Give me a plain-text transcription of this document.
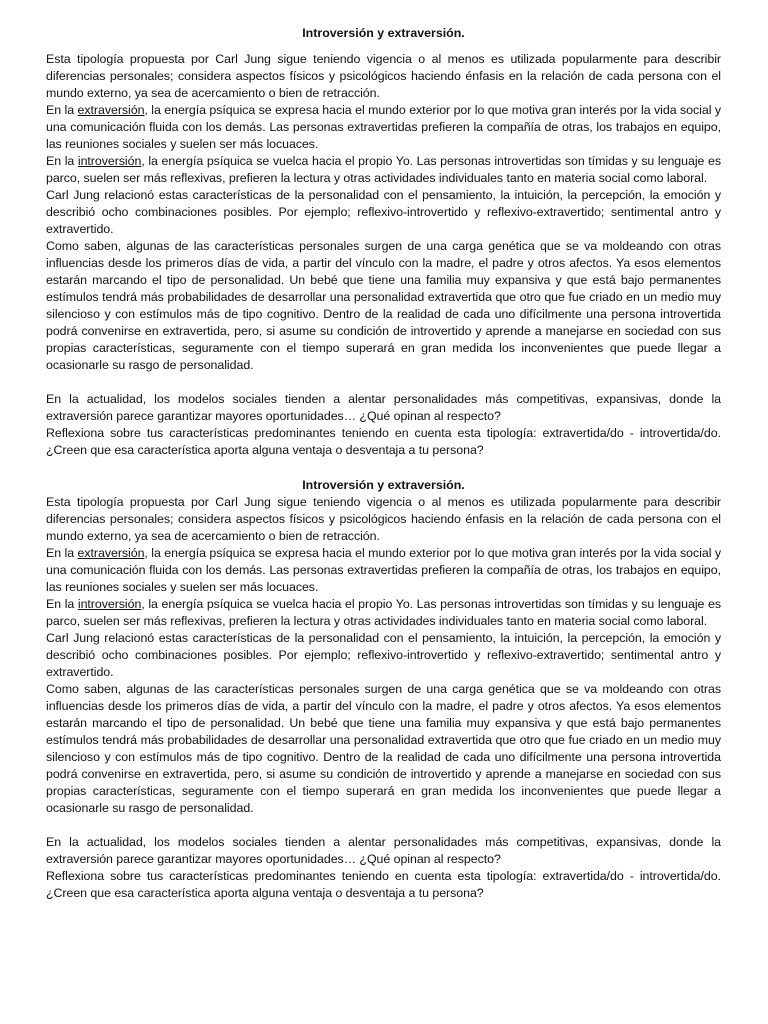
Introversión y extraversión.

Esta tipología propuesta por Carl Jung sigue teniendo vigencia o al menos es utilizada popularmente para describir diferencias personales; considera aspectos físicos y psicológicos haciendo énfasis en la relación de cada persona con el mundo externo, ya sea de acercamiento o bien de retracción.

En la extraversión, la energía psíquica se expresa hacia el mundo exterior por lo que motiva gran interés por la vida social y una comunicación fluida con los demás. Las personas extravertidas prefieren la compañía de otras, los trabajos en equipo, las reuniones sociales y suelen ser más locuaces.

En la introversión, la energía psíquica se vuelca hacia el propio Yo. Las personas introvertidas son tímidas y su lenguaje es parco, suelen ser más reflexivas, prefieren la lectura y otras actividades individuales tanto en materia social como laboral.

Carl Jung relacionó estas características de la personalidad con el pensamiento, la intuición, la percepción, la emoción y describió ocho combinaciones posibles. Por ejemplo; reflexivo-introvertido y reflexivo-extravertido; sentimental antro y extravertido.

Como saben, algunas de las características personales surgen de una carga genética que se va moldeando con otras influencias desde los primeros días de vida, a partir del vínculo con la madre, el padre y otros afectos. Ya esos elementos estarán marcando el tipo de personalidad. Un bebé que tiene una familia muy expansiva y que está bajo permanentes estímulos tendrá más probabilidades de desarrollar una personalidad extravertida que otro que fue criado en un medio muy silencioso y con estímulos más de tipo cognitivo. Dentro de la realidad de cada uno difícilmente una persona introvertida podrá convenirse en extravertida, pero, si asume su condición de introvertido y aprende a manejarse en sociedad con sus propias características, seguramente con el tiempo superará en gran medida los inconvenientes que puede llegar a ocasionarle su rasgo de personalidad.

En la actualidad, los modelos sociales tienden a alentar personalidades más competitivas, expansivas, donde la extraversión parece garantizar mayores oportunidades… ¿Qué opinan al respecto?

Reflexiona sobre tus características predominantes teniendo en cuenta esta tipología: extravertida/do - introvertida/do. ¿Creen que esa característica aporta alguna ventaja o desventaja a tu persona?

Introversión y extraversión.

Esta tipología propuesta por Carl Jung sigue teniendo vigencia o al menos es utilizada popularmente para describir diferencias personales; considera aspectos físicos y psicológicos haciendo énfasis en la relación de cada persona con el mundo externo, ya sea de acercamiento o bien de retracción.

En la extraversión, la energía psíquica se expresa hacia el mundo exterior por lo que motiva gran interés por la vida social y una comunicación fluida con los demás. Las personas extravertidas prefieren la compañía de otras, los trabajos en equipo, las reuniones sociales y suelen ser más locuaces.

En la introversión, la energía psíquica se vuelca hacia el propio Yo. Las personas introvertidas son tímidas y su lenguaje es parco, suelen ser más reflexivas, prefieren la lectura y otras actividades individuales tanto en materia social como laboral.

Carl Jung relacionó estas características de la personalidad con el pensamiento, la intuición, la percepción, la emoción y describió ocho combinaciones posibles. Por ejemplo; reflexivo-introvertido y reflexivo-extravertido; sentimental antro y extravertido.

Como saben, algunas de las características personales surgen de una carga genética que se va moldeando con otras influencias desde los primeros días de vida, a partir del vínculo con la madre, el padre y otros afectos. Ya esos elementos estarán marcando el tipo de personalidad. Un bebé que tiene una familia muy expansiva y que está bajo permanentes estímulos tendrá más probabilidades de desarrollar una personalidad extravertida que otro que fue criado en un medio muy silencioso y con estímulos más de tipo cognitivo. Dentro de la realidad de cada uno difícilmente una persona introvertida podrá convenirse en extravertida, pero, si asume su condición de introvertido y aprende a manejarse en sociedad con sus propias características, seguramente con el tiempo superará en gran medida los inconvenientes que puede llegar a ocasionarle su rasgo de personalidad.

En la actualidad, los modelos sociales tienden a alentar personalidades más competitivas, expansivas, donde la extraversión parece garantizar mayores oportunidades… ¿Qué opinan al respecto?

Reflexiona sobre tus características predominantes teniendo en cuenta esta tipología: extravertida/do - introvertida/do. ¿Creen que esa característica aporta alguna ventaja o desventaja a tu persona?
